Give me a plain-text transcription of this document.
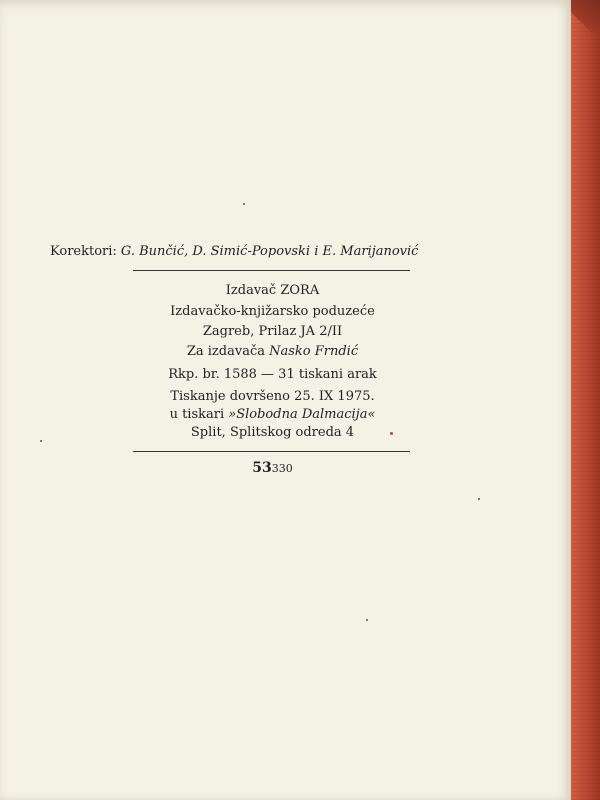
Korektori: G. Bunčić, D. Simić-Popovski i E. Marijanović
Izdavač ZORA
Izdavačko-knjižarsko poduzeće
Zagreb, Prilaz JA 2/II
Za izdavača Nasko Frndić
Rkp. br. 1588 — 31 tiskani arak
Tiskanje dovršeno 25. IX 1975.
u tiskari »Slobodna Dalmacija«
Split, Splitskog odreda 4
53330
